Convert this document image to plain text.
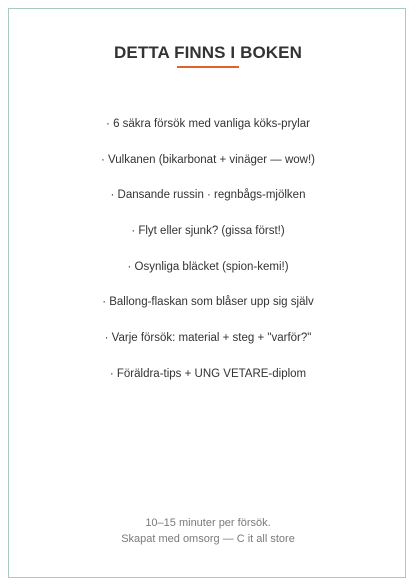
DETTA FINNS I BOKEN
· 6 säkra försök med vanliga köks-prylar
· Vulkanen (bikarbonat + vinäger — wow!)
· Dansande russin · regnbågs-mjölken
· Flyt eller sjunk? (gissa först!)
· Osynliga bläcket (spion-kemi!)
· Ballong-flaskan som blåser upp sig själv
· Varje försök: material + steg + "varför?"
· Föräldra-tips + UNG VETARE-diplom
10–15 minuter per försök.
Skapat med omsorg — C it all store
